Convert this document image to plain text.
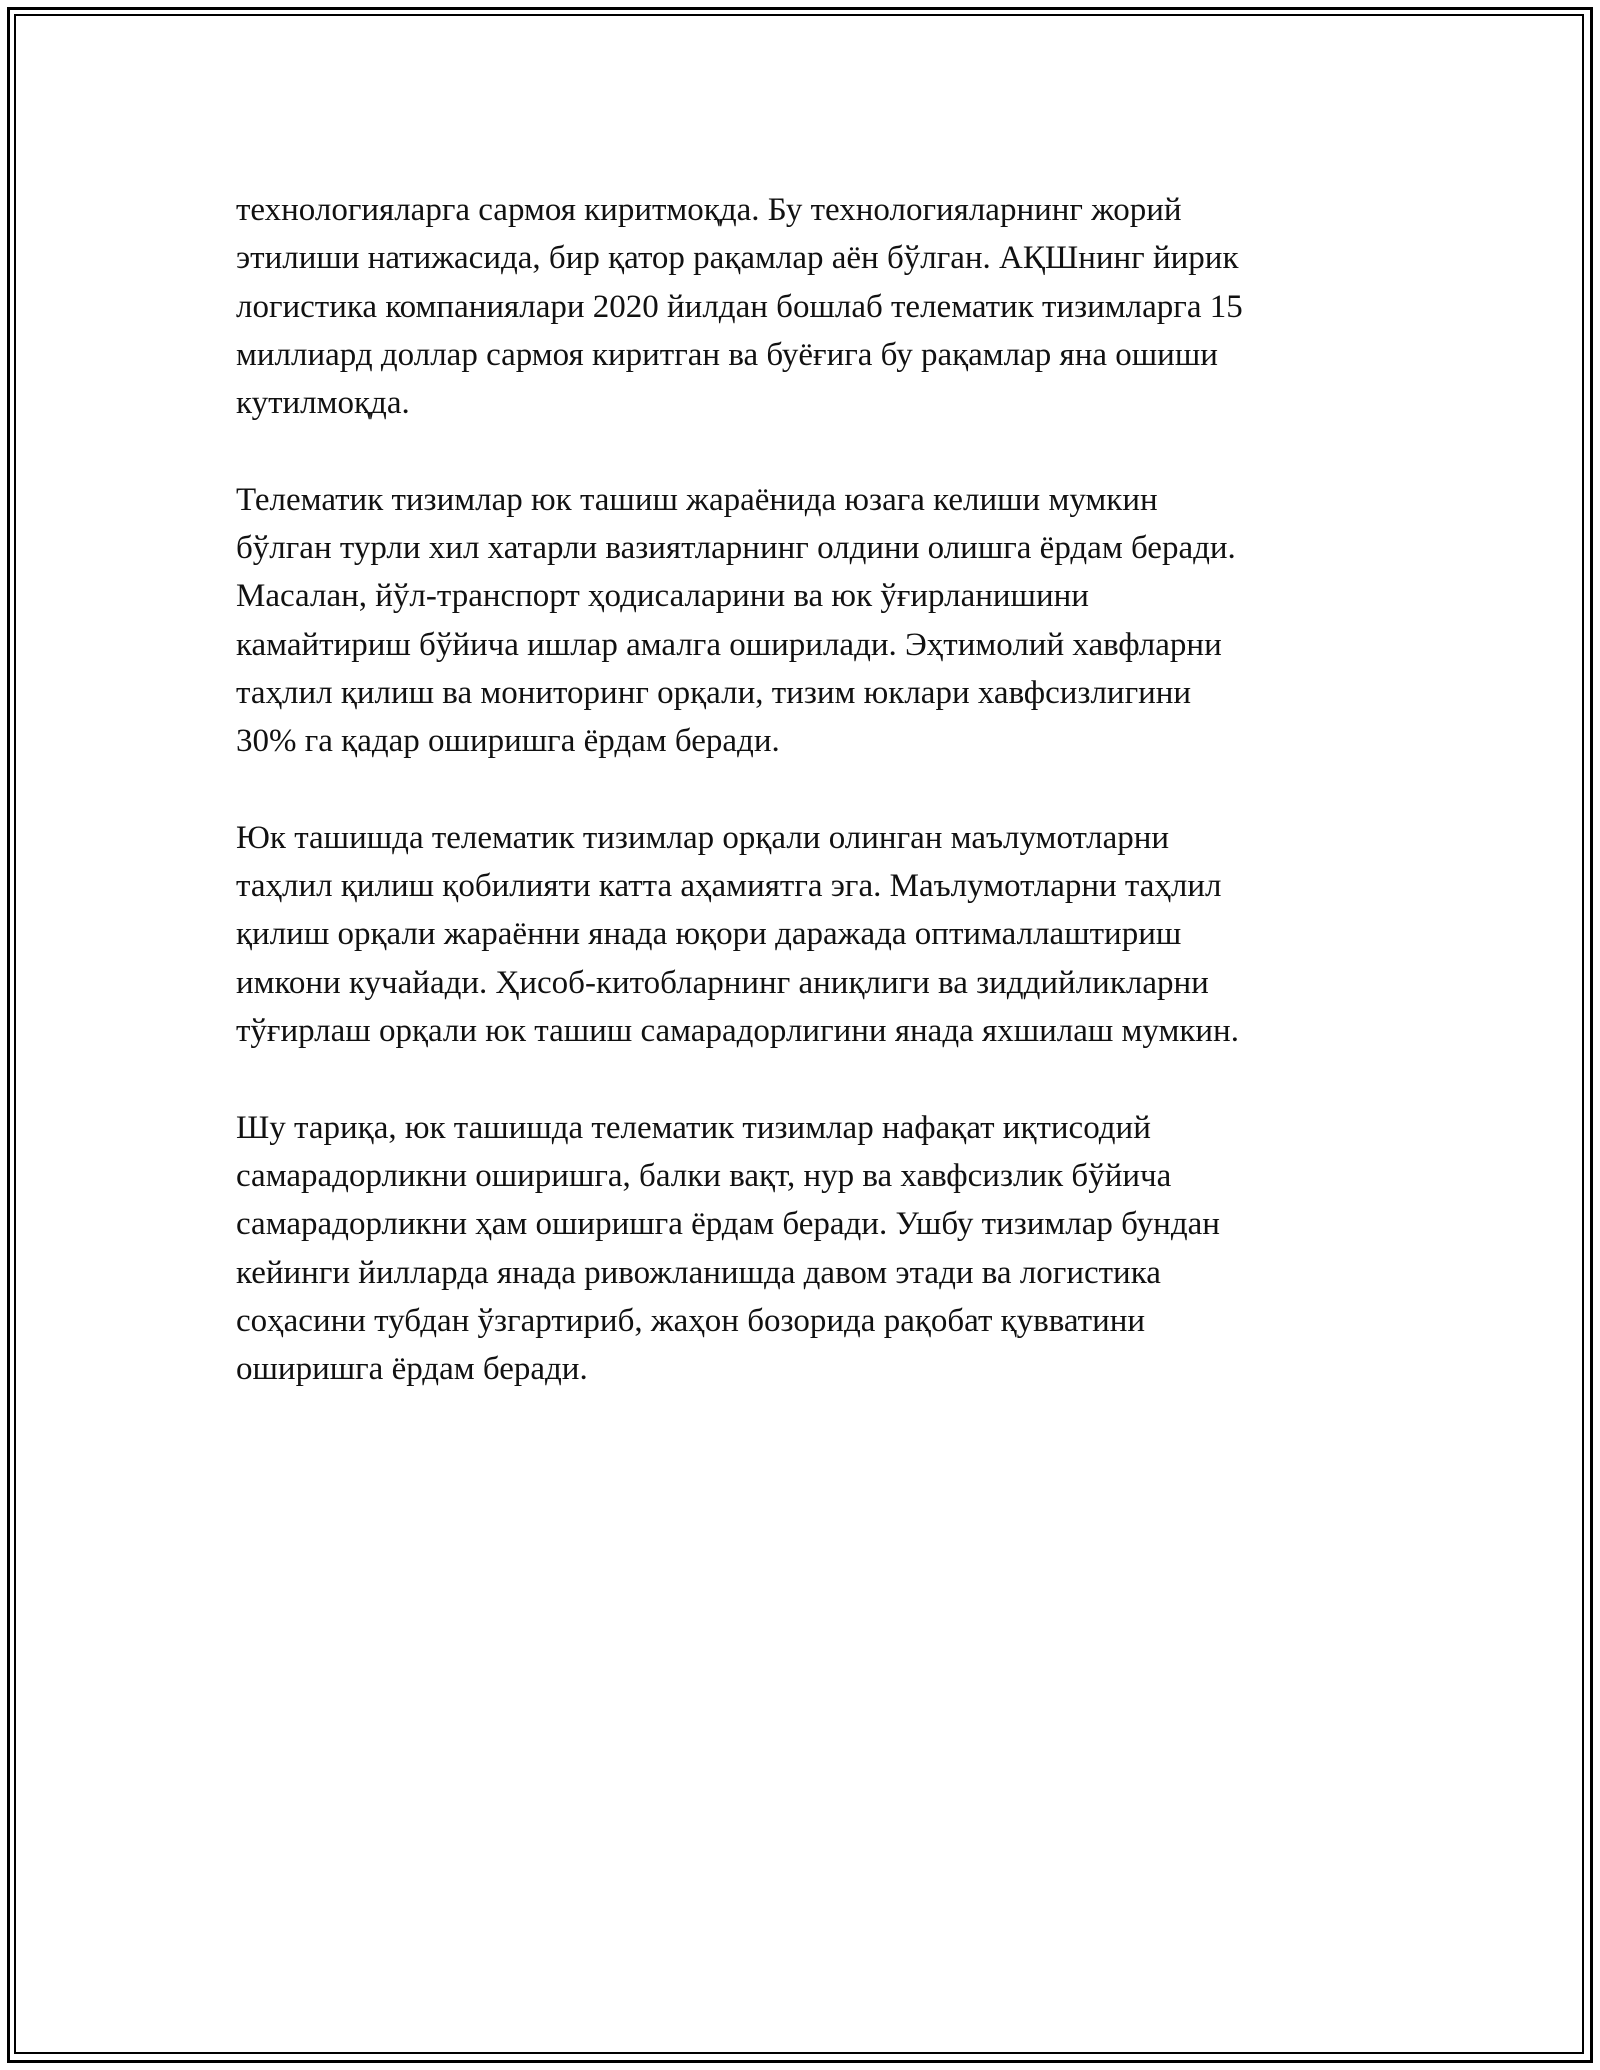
технологияларга сармоя киритмоқда. Бу технологияларнинг жорий
этилиши натижасида, бир қатор рақамлар аён бўлган. АҚШнинг йирик
логистика компаниялари 2020 йилдан бошлаб телематик тизимларга 15
миллиард доллар сармоя киритган ва буёғига бу рақамлар яна ошиши
кутилмоқда.

Телематик тизимлар юк ташиш жараёнида юзага келиши мумкин
бўлган турли хил хатарли вазиятларнинг олдини олишга ёрдам беради.
Масалан, йўл-транспорт ҳодисаларини ва юк ўғирланишини
камайтириш бўйича ишлар амалга оширилади. Эҳтимолий хавфларни
таҳлил қилиш ва мониторинг орқали, тизим юклари хавфсизлигини
30% га қадар оширишга ёрдам беради.

Юк ташишда телематик тизимлар орқали олинган маълумотларни
таҳлил қилиш қобилияти катта аҳамиятга эга. Маълумотларни таҳлил
қилиш орқали жараённи янада юқори даражада оптималлаштириш
имкони кучайади. Ҳисоб-китобларнинг аниқлиги ва зиддийликларни
тўғирлаш орқали юк ташиш самарадорлигини янада яхшилаш мумкин.

Шу тариқа, юк ташишда телематик тизимлар нафақат иқтисодий
самарадорликни оширишга, балки вақт, нур ва хавфсизлик бўйича
самарадорликни ҳам оширишга ёрдам беради. Ушбу тизимлар бундан
кейинги йилларда янада ривожланишда давом этади ва логистика
соҳасини тубдан ўзгартириб, жаҳон бозорида рақобат қувватини
оширишга ёрдам беради.
